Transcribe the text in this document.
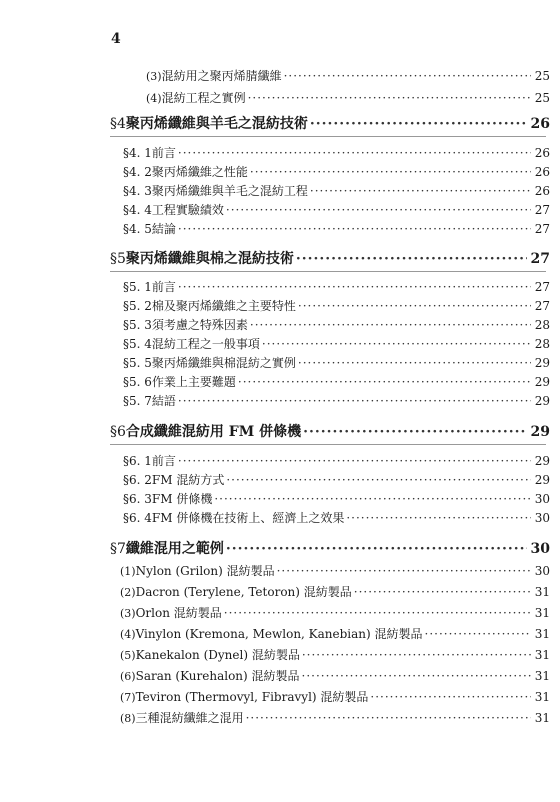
4
(3) 混紡用之聚丙烯腈纖維 ·····	25
(4) 混紡工程之實例 ·····	25
§4 聚丙烯纖維與羊毛之混紡技術 ·····	26
§4. 1 前言 ·····	26
§4. 2 聚丙烯纖維之性能 ·····	26
§4. 3 聚丙烯纖維與羊毛之混紡工程 ·····	26
§4. 4 工程實驗績效 ·····	27
§4. 5 結論 ·····	27
§5 聚丙烯纖維與棉之混紡技術 ·····	27
§5. 1 前言 ·····	27
§5. 2 棉及聚丙烯纖維之主要特性 ·····	27
§5. 3 須考慮之特殊因素 ·····	28
§5. 4 混紡工程之一般事項 ·····	28
§5. 5 聚丙烯纖維與棉混紡之實例 ·····	29
§5. 6 作業上主要難題 ·····	29
§5. 7 結語 ·····	29
§6 合成纖維混紡用 FM 併條機 ·····	29
§6. 1 前言 ·····	29
§6. 2 FM 混紡方式 ·····	29
§6. 3 FM 併條機 ·····	30
§6. 4 FM 併條機在技術上、經濟上之效果 ·····	30
§7 纖維混用之範例 ·····	30
(1) Nylon (Grilon) 混紡製品 ·····	30
(2) Dacron (Terylene, Tetoron) 混紡製品 ·····	31
(3) Orlon 混紡製品 ·····	31
(4) Vinylon (Kremona, Mewlon, Kanebian) 混紡製品 ·····	31
(5) Kanekalon (Dynel) 混紡製品 ·····	31
(6) Saran (Kurehalon) 混紡製品 ·····	31
(7) Teviron (Thermovyl, Fibravyl) 混紡製品 ·····	31
(8) 三種混紡纖維之混用 ·····	31
